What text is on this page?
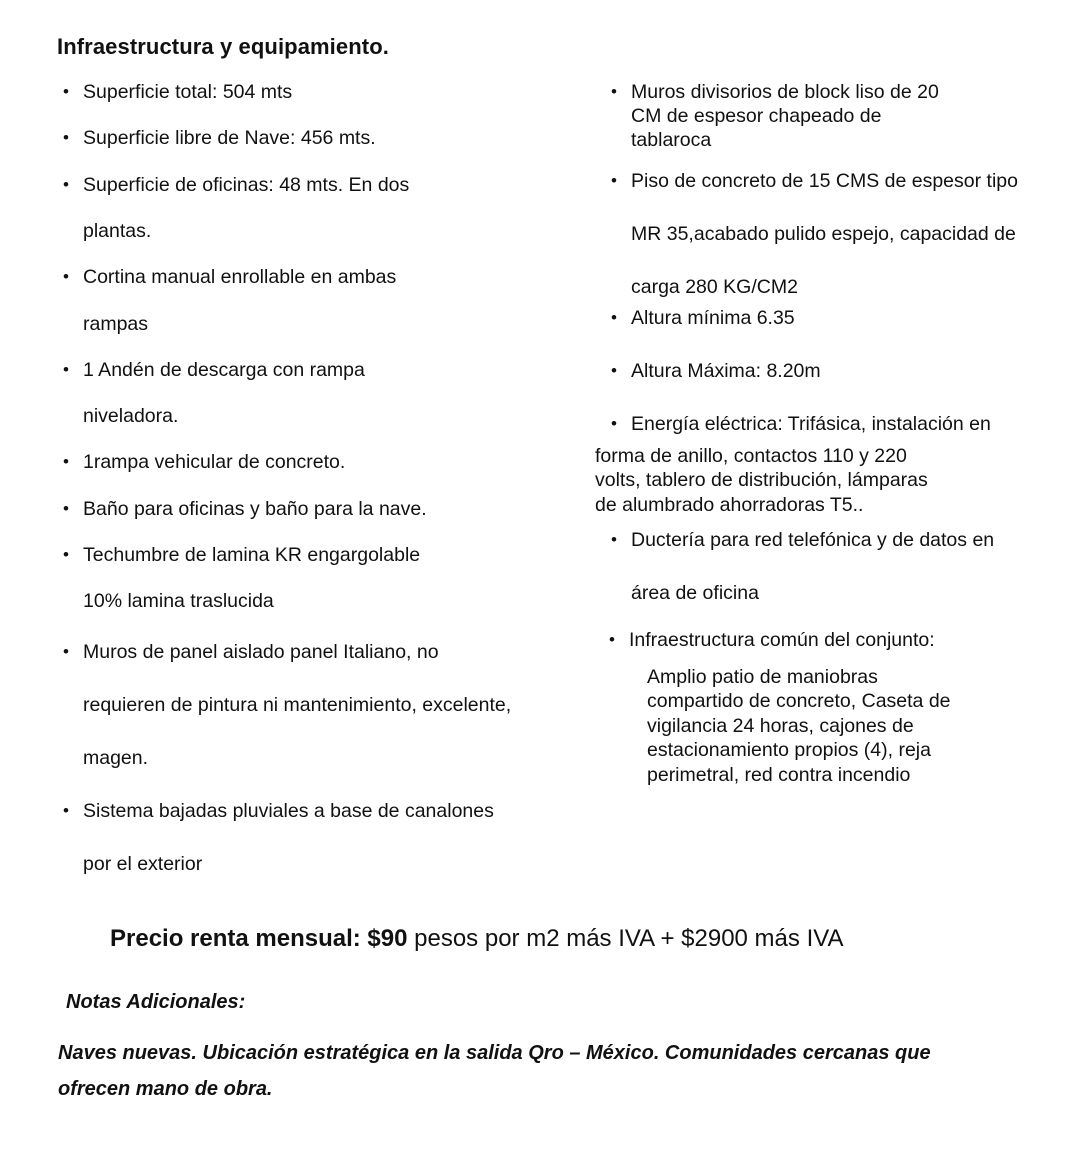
Infraestructura y equipamiento.
• Superficie total: 504 mts
• Superficie libre de Nave: 456 mts.
• Superficie de oficinas: 48 mts. En dos
plantas.
• Cortina manual enrollable en ambas
rampas
• 1 Andén de descarga con rampa
niveladora.
• 1rampa vehicular de concreto.
• Baño para oficinas y baño para la nave.
• Techumbre de lamina KR engargolable
10% lamina traslucida
• Muros de panel aislado panel Italiano, no
requieren de pintura ni mantenimiento, excelente,
magen.
• Sistema bajadas pluviales a base de canalones
por el exterior
• Muros divisorios de block liso de 20
CM de espesor chapeado de
tablaroca
• Piso de concreto de 15 CMS de espesor tipo
MR 35,acabado pulido espejo, capacidad de
carga 280 KG/CM2
• Altura mínima 6.35
• Altura Máxima: 8.20m
• Energía eléctrica: Trifásica, instalación en
forma de anillo, contactos 110 y 220
volts, tablero de distribución, lámparas
de alumbrado ahorradoras T5..
• Ductería para red telefónica y de datos en
área de oficina
• Infraestructura común del conjunto:
Amplio patio de maniobras
compartido de concreto, Caseta de
vigilancia 24 horas, cajones de
estacionamiento propios (4), reja
perimetral, red contra incendio
Precio renta mensual: $90 pesos por m2 más IVA + $2900 más IVA
Notas Adicionales:
Naves nuevas. Ubicación estratégica en la salida Qro – México. Comunidades cercanas que
ofrecen mano de obra.
